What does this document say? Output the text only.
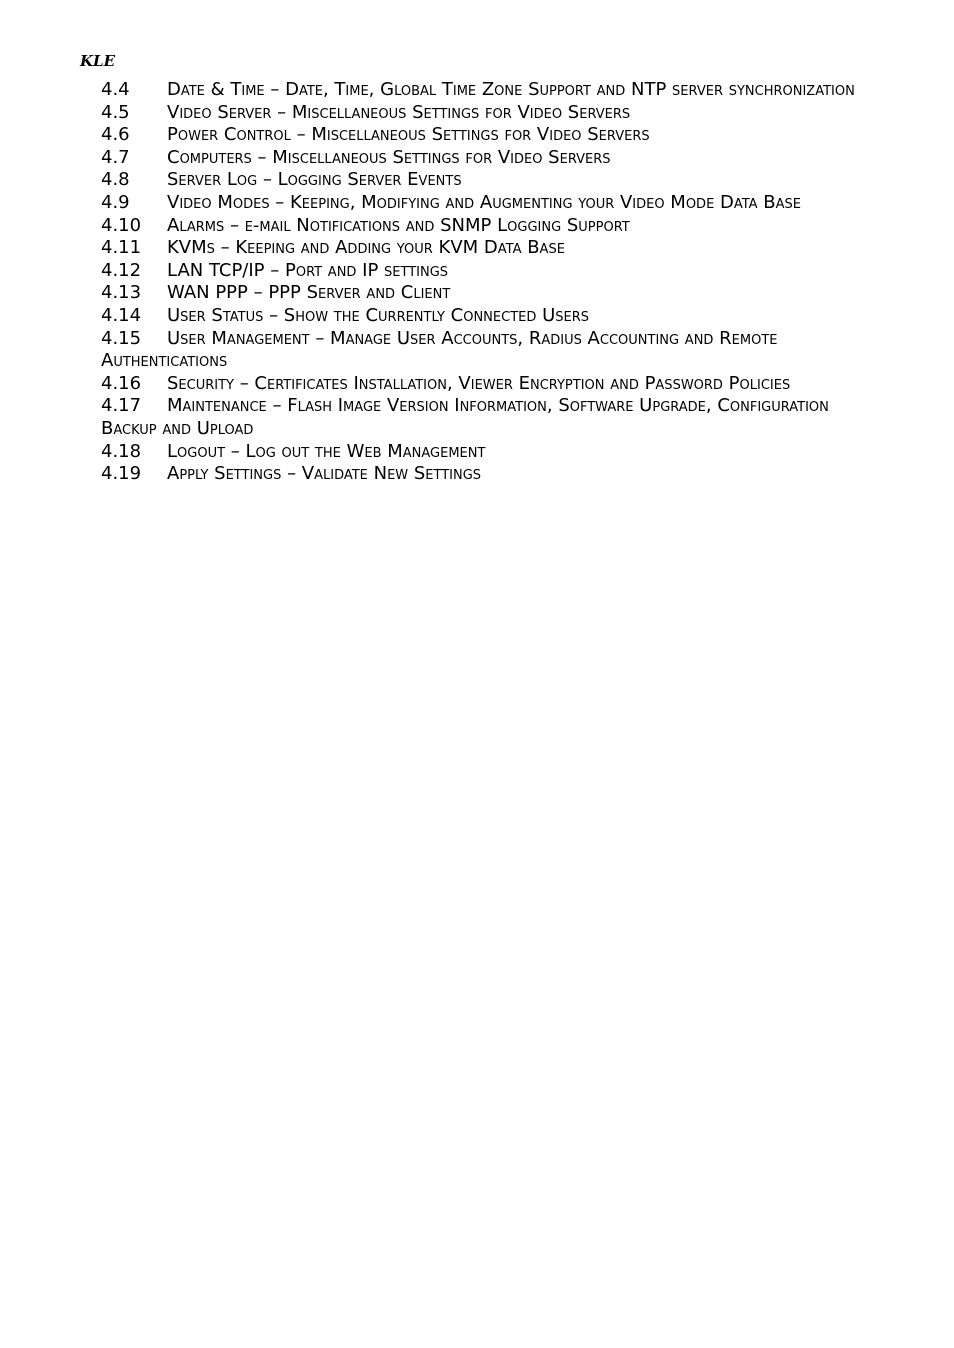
KLE
4.4 Date & Time – Date, Time, Global Time Zone Support and NTP server synchronization
4.5 Video Server – Miscellaneous Settings for Video Servers
4.6 Power Control – Miscellaneous Settings for Video Servers
4.7 Computers – Miscellaneous Settings for Video Servers
4.8 Server Log – Logging Server Events
4.9 Video Modes – Keeping, Modifying and Augmenting your Video Mode Data Base
4.10 Alarms – e-mail Notifications and SNMP Logging Support
4.11 KVMs – Keeping and Adding your KVM Data Base
4.12 LAN TCP/IP – Port and IP settings
4.13 WAN PPP – PPP Server and Client
4.14 User Status – Show the Currently Connected Users
4.15 User Management – Manage User Accounts, Radius Accounting and Remote Authentications
4.16 Security – Certificates Installation, Viewer Encryption and Password Policies
4.17 Maintenance – Flash Image Version Information, Software Upgrade, Configuration Backup and Upload
4.18 Logout – Log out the Web Management
4.19 Apply Settings – Validate New Settings
